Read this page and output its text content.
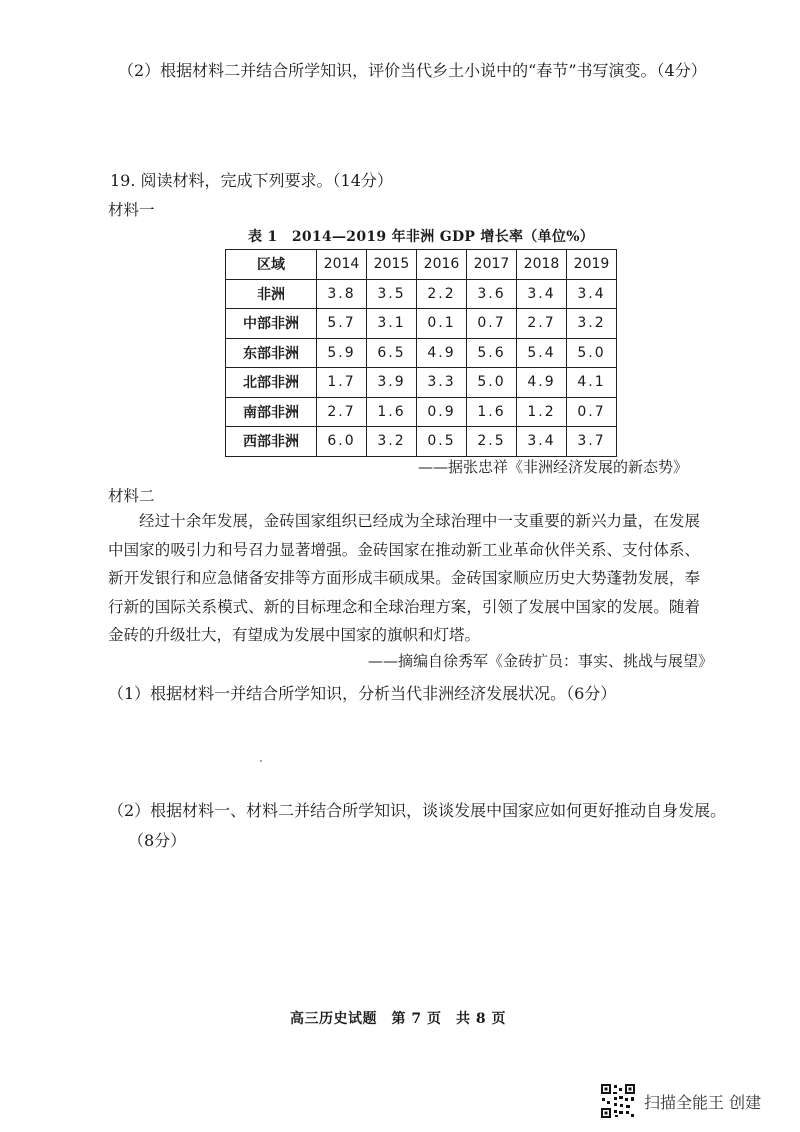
（2）根据材料二并结合所学知识，评价当代乡土小说中的“春节”书写演变。（4分）
19. 阅读材料，完成下列要求。（14分）
材料一
表 1　2014—2019 年非洲 GDP 增长率（单位%）
区域	2014	2015	2016	2017	2018	2019
非洲	3.8	3.5	2.2	3.6	3.4	3.4
中部非洲	5.7	3.1	0.1	0.7	2.7	3.2
东部非洲	5.9	6.5	4.9	5.6	5.4	5.0
北部非洲	1.7	3.9	3.3	5.0	4.9	4.1
南部非洲	2.7	1.6	0.9	1.6	1.2	0.7
西部非洲	6.0	3.2	0.5	2.5	3.4	3.7
——据张忠祥《非洲经济发展的新态势》
材料二
经过十余年发展，金砖国家组织已经成为全球治理中一支重要的新兴力量，在发展中国家的吸引力和号召力显著增强。金砖国家在推动新工业革命伙伴关系、支付体系、新开发银行和应急储备安排等方面形成丰硕成果。金砖国家顺应历史大势蓬勃发展，奉行新的国际关系模式、新的目标理念和全球治理方案，引领了发展中国家的发展。随着金砖的升级壮大，有望成为发展中国家的旗帜和灯塔。
——摘编自徐秀军《金砖扩员：事实、挑战与展望》
（1）根据材料一并结合所学知识，分析当代非洲经济发展状况。（6分）
（2）根据材料一、材料二并结合所学知识，谈谈发展中国家应如何更好推动自身发展。
（8分）
高三历史试题　第 7 页　共 8 页
扫描全能王 创建
